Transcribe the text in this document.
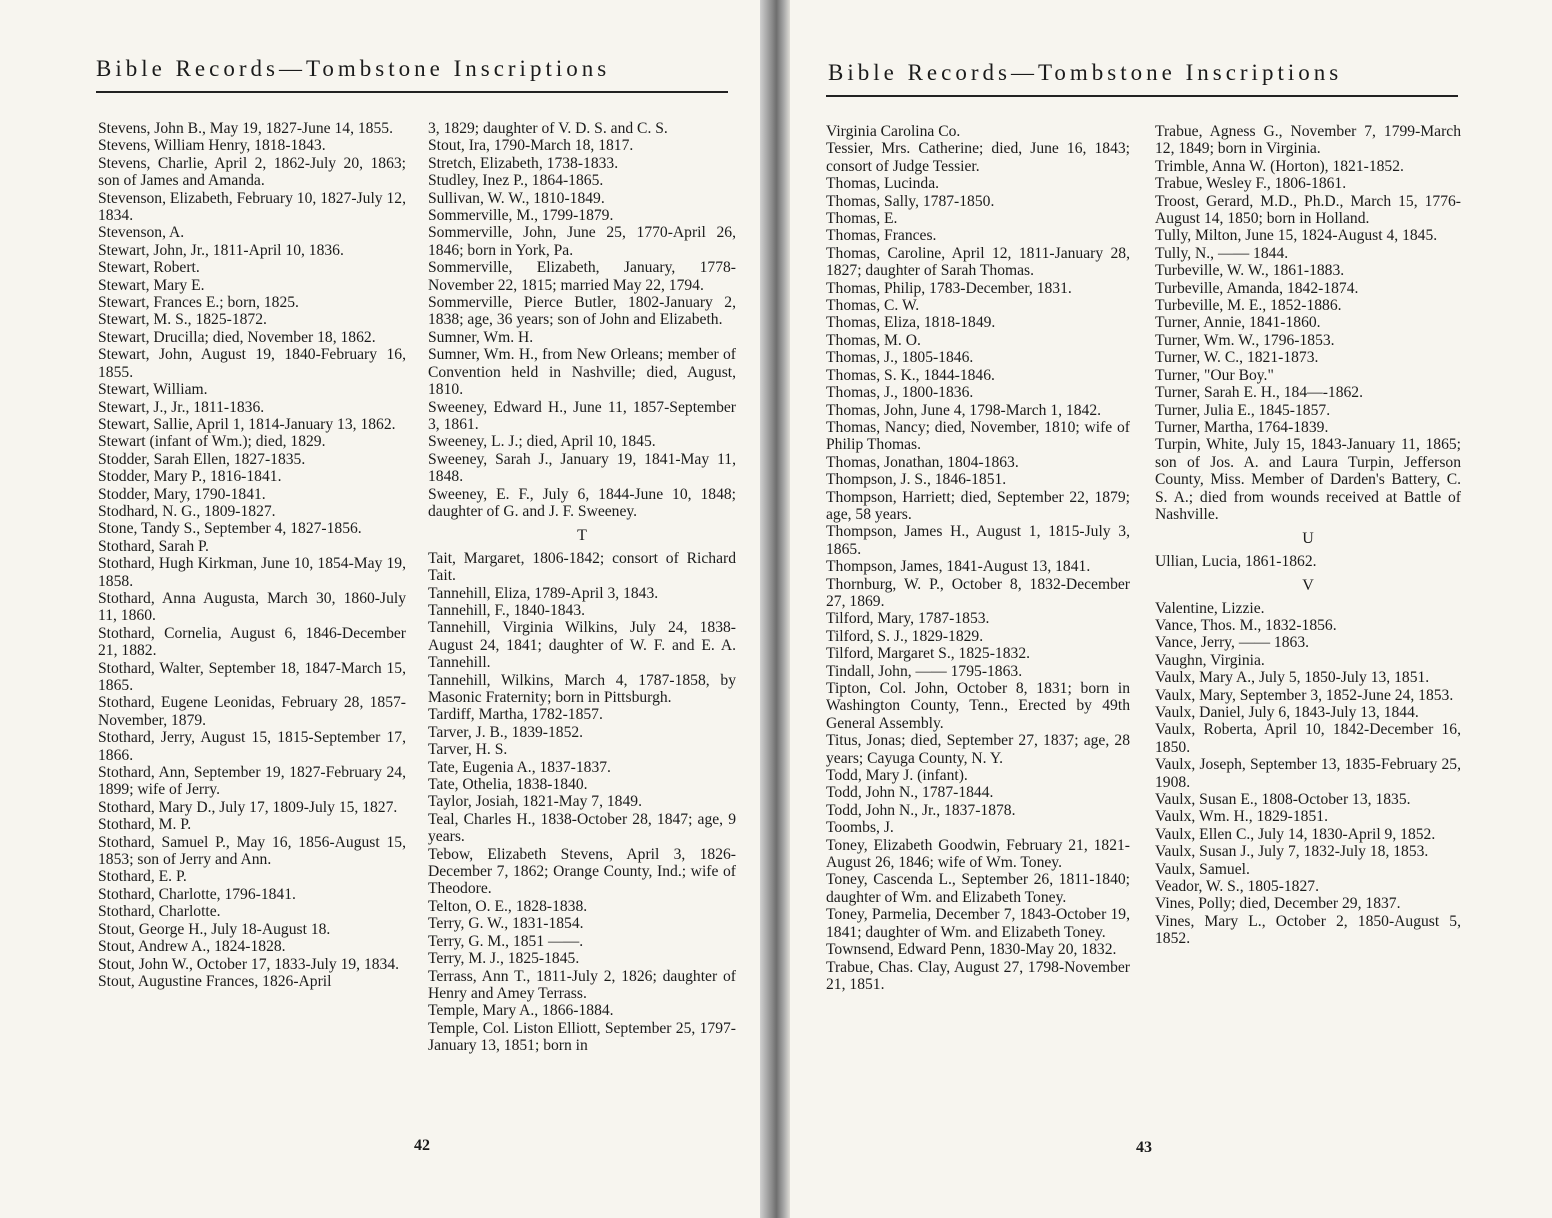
Bible Records—Tombstone Inscriptions

Stevens, John B., May 19, 1827-June 14, 1855.

Stevens, William Henry, 1818-1843.

Stevens, Charlie, April 2, 1862-July 20, 1863; son of James and Amanda.

Stevenson, Elizabeth, February 10, 1827-July 12, 1834.

Stevenson, A.

Stewart, John, Jr., 1811-April 10, 1836.

Stewart, Robert.

Stewart, Mary E.

Stewart, Frances E.; born, 1825.

Stewart, M. S., 1825-1872.

Stewart, Drucilla; died, November 18, 1862.

Stewart, John, August 19, 1840-February 16, 1855.

Stewart, William.

Stewart, J., Jr., 1811-1836.

Stewart, Sallie, April 1, 1814-January 13, 1862.

Stewart (infant of Wm.); died, 1829.

Stodder, Sarah Ellen, 1827-1835.

Stodder, Mary P., 1816-1841.

Stodder, Mary, 1790-1841.

Stodhard, N. G., 1809-1827.

Stone, Tandy S., September 4, 1827-1856.

Stothard, Sarah P.

Stothard, Hugh Kirkman, June 10, 1854-May 19, 1858.

Stothard, Anna Augusta, March 30, 1860-July 11, 1860.

Stothard, Cornelia, August 6, 1846-December 21, 1882.

Stothard, Walter, September 18, 1847-March 15, 1865.

Stothard, Eugene Leonidas, February 28, 1857-November, 1879.

Stothard, Jerry, August 15, 1815-September 17, 1866.

Stothard, Ann, September 19, 1827-February 24, 1899; wife of Jerry.

Stothard, Mary D., July 17, 1809-July 15, 1827.

Stothard, M. P.

Stothard, Samuel P., May 16, 1856-August 15, 1853; son of Jerry and Ann.

Stothard, E. P.

Stothard, Charlotte, 1796-1841.

Stothard, Charlotte.

Stout, George H., July 18-August 18.

Stout, Andrew A., 1824-1828.

Stout, John W., October 17, 1833-July 19, 1834.

Stout, Augustine Frances, 1826-April

3, 1829; daughter of V. D. S. and C. S.

Stout, Ira, 1790-March 18, 1817.

Stretch, Elizabeth, 1738-1833.

Studley, Inez P., 1864-1865.

Sullivan, W. W., 1810-1849.

Sommerville, M., 1799-1879.

Sommerville, John, June 25, 1770-April 26, 1846; born in York, Pa.

Sommerville, Elizabeth, January, 1778-November 22, 1815; married May 22, 1794.

Sommerville, Pierce Butler, 1802-January 2, 1838; age, 36 years; son of John and Elizabeth.

Sumner, Wm. H.

Sumner, Wm. H., from New Orleans; member of Convention held in Nashville; died, August, 1810.

Sweeney, Edward H., June 11, 1857-September 3, 1861.

Sweeney, L. J.; died, April 10, 1845.

Sweeney, Sarah J., January 19, 1841-May 11, 1848.

Sweeney, E. F., July 6, 1844-June 10, 1848; daughter of G. and J. F. Sweeney.

T

Tait, Margaret, 1806-1842; consort of Richard Tait.

Tannehill, Eliza, 1789-April 3, 1843.

Tannehill, F., 1840-1843.

Tannehill, Virginia Wilkins, July 24, 1838-August 24, 1841; daughter of W. F. and E. A. Tannehill.

Tannehill, Wilkins, March 4, 1787-1858, by Masonic Fraternity; born in Pittsburgh.

Tardiff, Martha, 1782-1857.

Tarver, J. B., 1839-1852.

Tarver, H. S.

Tate, Eugenia A., 1837-1837.

Tate, Othelia, 1838-1840.

Taylor, Josiah, 1821-May 7, 1849.

Teal, Charles H., 1838-October 28, 1847; age, 9 years.

Tebow, Elizabeth Stevens, April 3, 1826-December 7, 1862; Orange County, Ind.; wife of Theodore.

Telton, O. E., 1828-1838.

Terry, G. W., 1831-1854.

Terry, G. M., 1851 ——.

Terry, M. J., 1825-1845.

Terrass, Ann T., 1811-July 2, 1826; daughter of Henry and Amey Terrass.

Temple, Mary A., 1866-1884.

Temple, Col. Liston Elliott, September 25, 1797-January 13, 1851; born in

42
Bible Records—Tombstone Inscriptions

Virginia Carolina Co.

Tessier, Mrs. Catherine; died, June 16, 1843; consort of Judge Tessier.

Thomas, Lucinda.

Thomas, Sally, 1787-1850.

Thomas, E.

Thomas, Frances.

Thomas, Caroline, April 12, 1811-January 28, 1827; daughter of Sarah Thomas.

Thomas, Philip, 1783-December, 1831.

Thomas, C. W.

Thomas, Eliza, 1818-1849.

Thomas, M. O.

Thomas, J., 1805-1846.

Thomas, S. K., 1844-1846.

Thomas, J., 1800-1836.

Thomas, John, June 4, 1798-March 1, 1842.

Thomas, Nancy; died, November, 1810; wife of Philip Thomas.

Thomas, Jonathan, 1804-1863.

Thompson, J. S., 1846-1851.

Thompson, Harriett; died, September 22, 1879; age, 58 years.

Thompson, James H., August 1, 1815-July 3, 1865.

Thompson, James, 1841-August 13, 1841.

Thornburg, W. P., October 8, 1832-December 27, 1869.

Tilford, Mary, 1787-1853.

Tilford, S. J., 1829-1829.

Tilford, Margaret S., 1825-1832.

Tindall, John, —— 1795-1863.

Tipton, Col. John, October 8, 1831; born in Washington County, Tenn., Erected by 49th General Assembly.

Titus, Jonas; died, September 27, 1837; age, 28 years; Cayuga County, N. Y.

Todd, Mary J. (infant).

Todd, John N., 1787-1844.

Todd, John N., Jr., 1837-1878.

Toombs, J.

Toney, Elizabeth Goodwin, February 21, 1821-August 26, 1846; wife of Wm. Toney.

Toney, Cascenda L., September 26, 1811-1840; daughter of Wm. and Elizabeth Toney.

Toney, Parmelia, December 7, 1843-October 19, 1841; daughter of Wm. and Elizabeth Toney.

Townsend, Edward Penn, 1830-May 20, 1832.

Trabue, Chas. Clay, August 27, 1798-November 21, 1851.

Trabue, Agness G., November 7, 1799-March 12, 1849; born in Virginia.

Trimble, Anna W. (Horton), 1821-1852.

Trabue, Wesley F., 1806-1861.

Troost, Gerard, M.D., Ph.D., March 15, 1776-August 14, 1850; born in Holland.

Tully, Milton, June 15, 1824-August 4, 1845.

Tully, N., —— 1844.

Turbeville, W. W., 1861-1883.

Turbeville, Amanda, 1842-1874.

Turbeville, M. E., 1852-1886.

Turner, Annie, 1841-1860.

Turner, Wm. W., 1796-1853.

Turner, W. C., 1821-1873.

Turner, "Our Boy."

Turner, Sarah E. H., 184—-1862.

Turner, Julia E., 1845-1857.

Turner, Martha, 1764-1839.

Turpin, White, July 15, 1843-January 11, 1865; son of Jos. A. and Laura Turpin, Jefferson County, Miss. Member of Darden's Battery, C. S. A.; died from wounds received at Battle of Nashville.

U

Ullian, Lucia, 1861-1862.

V

Valentine, Lizzie.

Vance, Thos. M., 1832-1856.

Vance, Jerry, —— 1863.

Vaughn, Virginia.

Vaulx, Mary A., July 5, 1850-July 13, 1851.

Vaulx, Mary, September 3, 1852-June 24, 1853.

Vaulx, Daniel, July 6, 1843-July 13, 1844.

Vaulx, Roberta, April 10, 1842-December 16, 1850.

Vaulx, Joseph, September 13, 1835-February 25, 1908.

Vaulx, Susan E., 1808-October 13, 1835.

Vaulx, Wm. H., 1829-1851.

Vaulx, Ellen C., July 14, 1830-April 9, 1852.

Vaulx, Susan J., July 7, 1832-July 18, 1853.

Vaulx, Samuel.

Veador, W. S., 1805-1827.

Vines, Polly; died, December 29, 1837.

Vines, Mary L., October 2, 1850-August 5, 1852.

43
